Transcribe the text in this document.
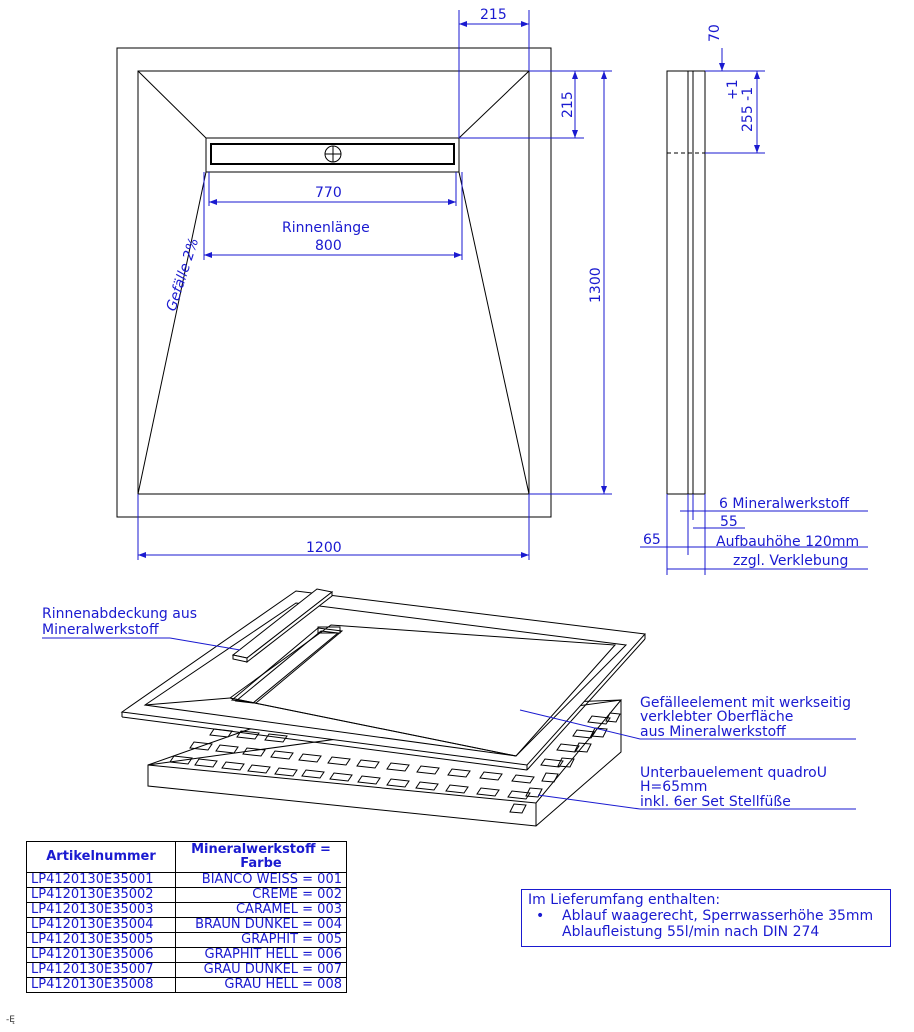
215
215
1300
770
Rinnenlänge
800
Gefälle 2%
1200
70
+1 255 -1
6 Mineralwerkstoff
55
65	Aufbauhöhe 120mm
zzgl. Verklebung
Rinnenabdeckung aus
Mineralwerkstoff
Gefälleelement mit werkseitig
verklebter Oberfläche
aus Mineralwerkstoff
Unterbauelement quadroU
H=65mm
inkl. 6er Set Stellfüße
Artikelnummer	Mineralwerkstoff =
Farbe
LP4120130E35001	BIANCO WEISS = 001
LP4120130E35002	CREME = 002
LP4120130E35003	CARAMEL = 003
LP4120130E35004	BRAUN DUNKEL = 004
LP4120130E35005	GRAPHIT = 005
LP4120130E35006	GRAPHIT HELL = 006
LP4120130E35007	GRAU DUNKEL = 007
LP4120130E35008	GRAU HELL = 008
Im Lieferumfang enthalten:
• Ablauf waagerecht, Sperrwasserhöhe 35mm
Ablaufleistung 55l/min nach DIN 274
-Ę
